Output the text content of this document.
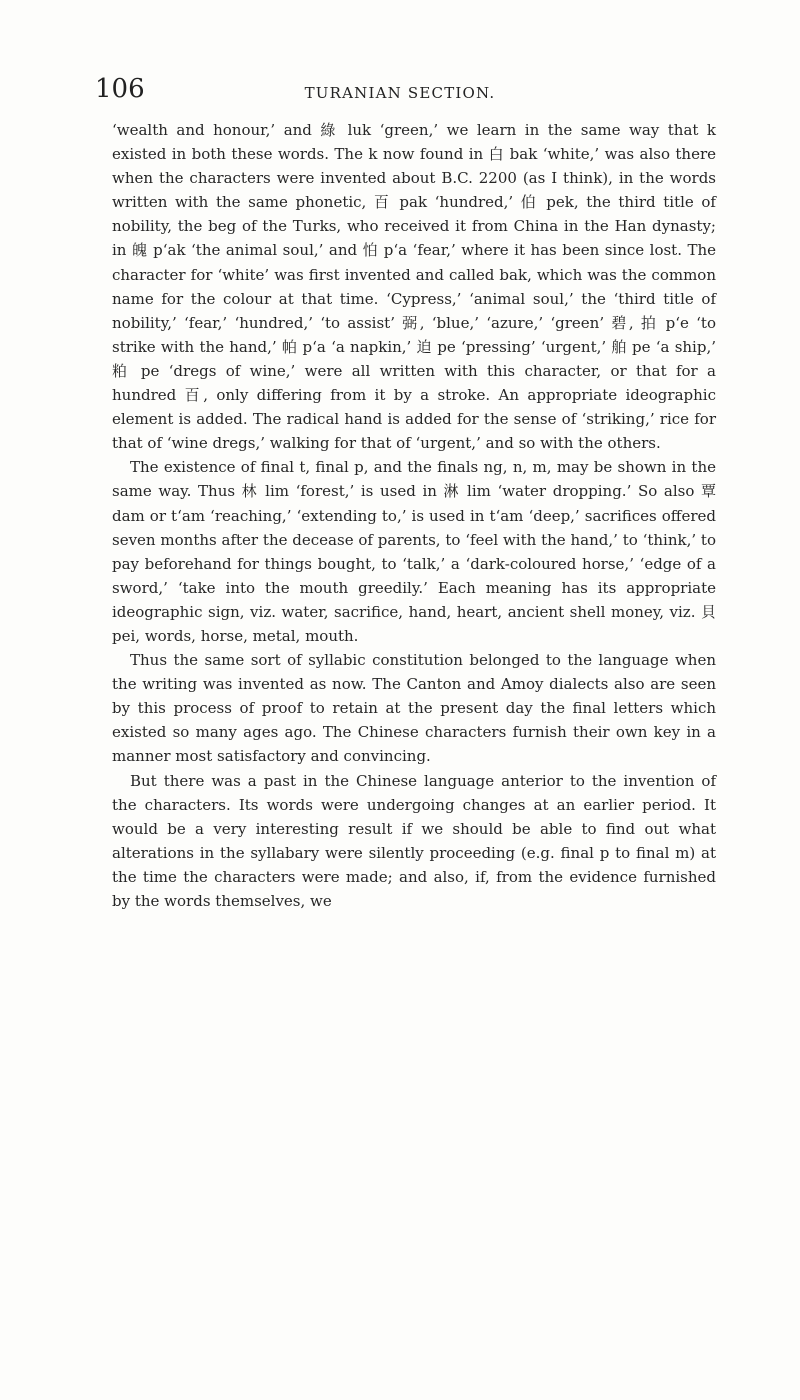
106	TURANIAN SECTION.

‘wealth and honour,’ and 綠 luk ‘green,’ we learn in the same way that k existed in both these words. The k now found in 白 bak ‘white,’ was also there when the characters were invented about B.C. 2200 (as I think), in the words written with the same phonetic, 百 pak ‘hundred,’ 伯 pek, the third title of nobility, the beg of the Turks, who received it from China in the Han dynasty; in 魄 p‘ak ‘the animal soul,’ and 怕 p‘a ‘fear,’ where it has been since lost. The character for ‘white’ was first invented and called bak, which was the common name for the colour at that time. ‘Cypress,’ ‘animal soul,’ the ‘third title of nobility,’ ‘fear,’ ‘hundred,’ ‘to assist’ 弼, ‘blue,’ ‘azure,’ ‘green’ 碧, 拍 p‘e ‘to strike with the hand,’ 帕 p‘a ‘a napkin,’ 迫 pe ‘pressing’ ‘urgent,’ 舶 pe ‘a ship,’ 粕 pe ‘dregs of wine,’ were all written with this character, or that for a hundred 百, only differing from it by a stroke. An appropriate ideographic element is added. The radical hand is added for the sense of ‘striking,’ rice for that of ‘wine dregs,’ walking for that of ‘urgent,’ and so with the others.

The existence of final t, final p, and the finals ng, n, m, may be shown in the same way. Thus 林 lim ‘forest,’ is used in 淋 lim ‘water dropping.’ So also 覃 dam or t‘am ‘reaching,’ ‘extending to,’ is used in t‘am ‘deep,’ sacrifices offered seven months after the decease of parents, to ‘feel with the hand,’ to ‘think,’ to pay beforehand for things bought, to ‘talk,’ a ‘dark-coloured horse,’ ‘edge of a sword,’ ‘take into the mouth greedily.’ Each meaning has its appropriate ideographic sign, viz. water, sacrifice, hand, heart, ancient shell money, viz. 貝 pei, words, horse, metal, mouth.

Thus the same sort of syllabic constitution belonged to the language when the writing was invented as now. The Canton and Amoy dialects also are seen by this process of proof to retain at the present day the final letters which existed so many ages ago. The Chinese characters furnish their own key in a manner most satisfactory and convincing.

But there was a past in the Chinese language anterior to the invention of the characters. Its words were undergoing changes at an earlier period. It would be a very interesting result if we should be able to find out what alterations in the syllabary were silently proceeding (e.g. final p to final m) at the time the characters were made; and also, if, from the evidence furnished by the words themselves, we
